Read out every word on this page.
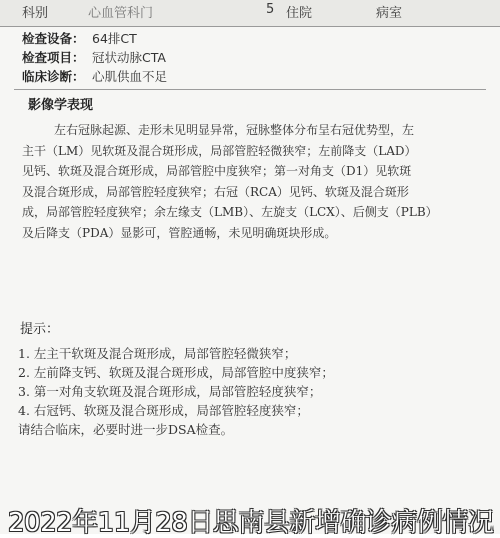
科别	心血管科门	5 住院	病室
检查设备： 64排CT
检查项目： 冠状动脉CTA
临床诊断： 心肌供血不足
影像学表现
左右冠脉起源、走形未见明显异常，冠脉整体分布呈右冠优势型，左
主干（LM）见软斑及混合斑形成，局部管腔轻微狭窄；左前降支（LAD）
见钙、软斑及混合斑形成，局部管腔中度狭窄；第一对角支（D1）见软斑
及混合斑形成，局部管腔轻度狭窄；右冠（RCA）见钙、软斑及混合斑形
成，局部管腔轻度狭窄；余左缘支（LMB）、左旋支（LCX）、后侧支（PLB）
及后降支（PDA）显影可，管腔通畅，未见明确斑块形成。
提示：
1. 左主干软斑及混合斑形成，局部管腔轻微狭窄；
2. 左前降支钙、软斑及混合斑形成，局部管腔中度狭窄；
3. 第一对角支软斑及混合斑形成，局部管腔轻度狭窄；
4. 右冠钙、软斑及混合斑形成，局部管腔轻度狭窄；
请结合临床，必要时进一步DSA检查。
2022年11月28日思南县新增确诊病例情况
